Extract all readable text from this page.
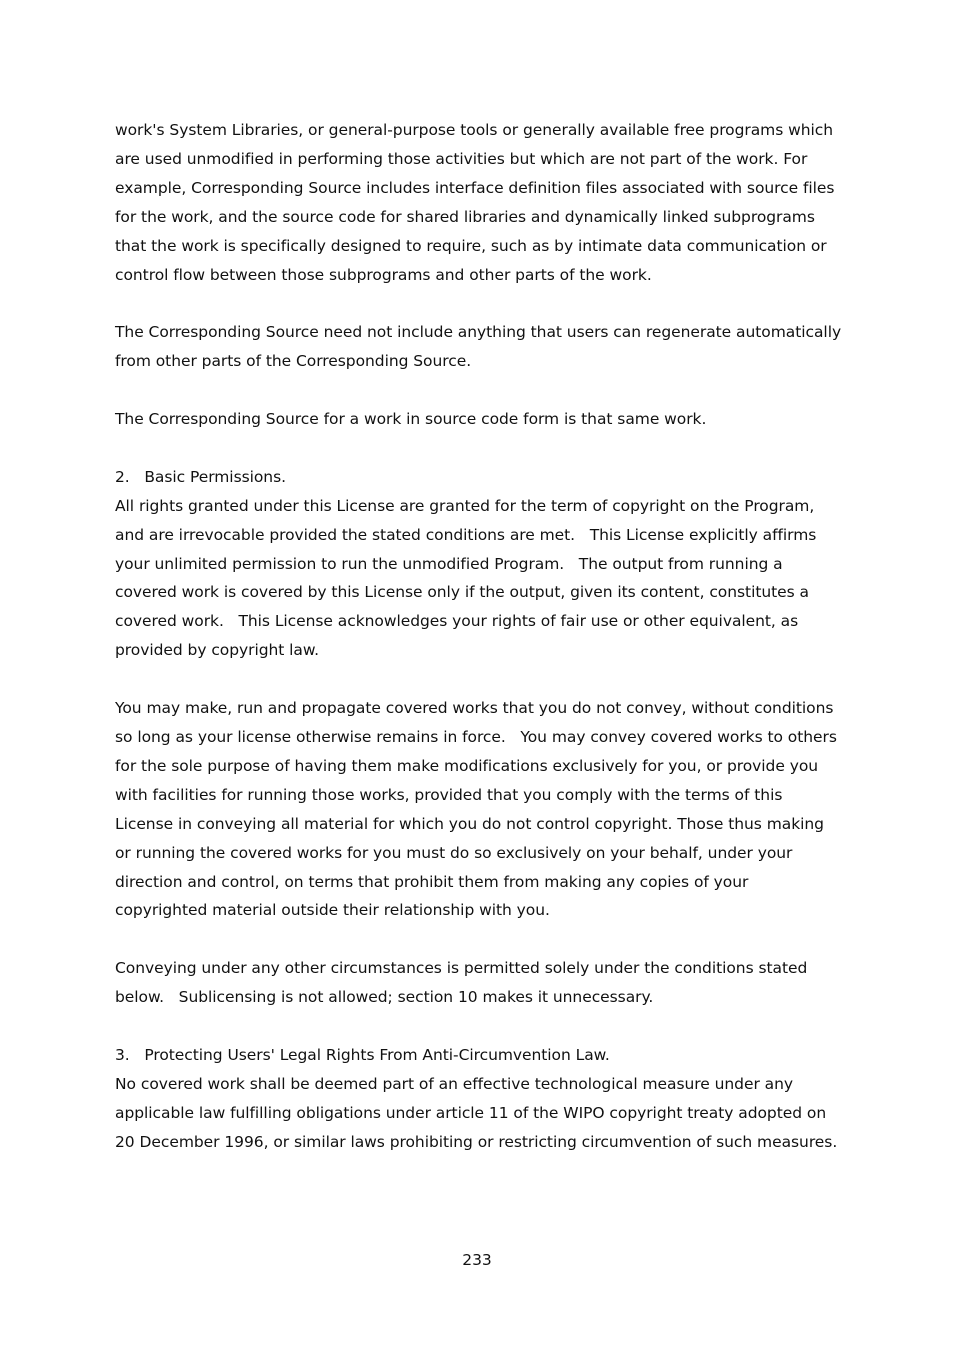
work's System Libraries, or general-purpose tools or generally available free programs which are used unmodified in performing those activities but which are not part of the work. For example, Corresponding Source includes interface definition files associated with source files for the work, and the source code for shared libraries and dynamically linked subprograms that the work is specifically designed to require, such as by intimate data communication or control flow between those subprograms and other parts of the work.

The Corresponding Source need not include anything that users can regenerate automatically from other parts of the Corresponding Source.

The Corresponding Source for a work in source code form is that same work.

2.   Basic Permissions.

All rights granted under this License are granted for the term of copyright on the Program, and are irrevocable provided the stated conditions are met.   This License explicitly affirms your unlimited permission to run the unmodified Program.   The output from running a covered work is covered by this License only if the output, given its content, constitutes a covered work.   This License acknowledges your rights of fair use or other equivalent, as provided by copyright law.

You may make, run and propagate covered works that you do not convey, without conditions so long as your license otherwise remains in force.   You may convey covered works to others for the sole purpose of having them make modifications exclusively for you, or provide you with facilities for running those works, provided that you comply with the terms of this License in conveying all material for which you do not control copyright. Those thus making or running the covered works for you must do so exclusively on your behalf, under your direction and control, on terms that prohibit them from making any copies of your copyrighted material outside their relationship with you.

Conveying under any other circumstances is permitted solely under the conditions stated below.   Sublicensing is not allowed; section 10 makes it unnecessary.

3.   Protecting Users' Legal Rights From Anti-Circumvention Law.

No covered work shall be deemed part of an effective technological measure under any applicable law fulfilling obligations under article 11 of the WIPO copyright treaty adopted on 20 December 1996, or similar laws prohibiting or restricting circumvention of such measures.

233
